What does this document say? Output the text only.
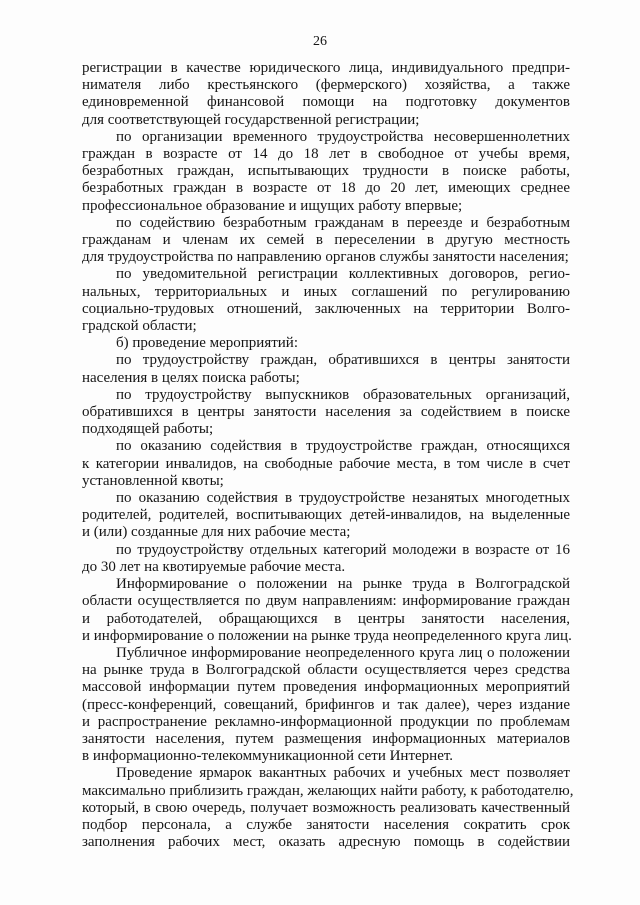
26

регистрации в качестве юридического лица, индивидуального предпри-
нимателя либо крестьянского (фермерского) хозяйства, а также
единовременной финансовой помощи на подготовку документов
для соответствующей государственной регистрации;

по организации временного трудоустройства несовершеннолетних
граждан в возрасте от 14 до 18 лет в свободное от учебы время,
безработных граждан, испытывающих трудности в поиске работы,
безработных граждан в возрасте от 18 до 20 лет, имеющих среднее
профессиональное образование и ищущих работу впервые;

по содействию безработным гражданам в переезде и безработным
гражданам и членам их семей в переселении в другую местность
для трудоустройства по направлению органов службы занятости населения;

по уведомительной регистрации коллективных договоров, регио-
нальных, территориальных и иных соглашений по регулированию
социально-трудовых отношений, заключенных на территории Волго-
градской области;

б) проведение мероприятий:

по трудоустройству граждан, обратившихся в центры занятости
населения в целях поиска работы;

по трудоустройству выпускников образовательных организаций,
обратившихся в центры занятости населения за содействием в поиске
подходящей работы;

по оказанию содействия в трудоустройстве граждан, относящихся
к категории инвалидов, на свободные рабочие места, в том числе в счет
установленной квоты;

по оказанию содействия в трудоустройстве незанятых многодетных
родителей, родителей, воспитывающих детей-инвалидов, на выделенные
и (или) созданные для них рабочие места;

по трудоустройству отдельных категорий молодежи в возрасте от 16
до 30 лет на квотируемые рабочие места.

Информирование о положении на рынке труда в Волгоградской
области осуществляется по двум направлениям: информирование граждан
и работодателей, обращающихся в центры занятости населения,
и информирование о положении на рынке труда неопределенного круга лиц.

Публичное информирование неопределенного круга лиц о положении
на рынке труда в Волгоградской области осуществляется через средства
массовой информации путем проведения информационных мероприятий
(пресс-конференций, совещаний, брифингов и так далее), через издание
и распространение рекламно-информационной продукции по проблемам
занятости населения, путем размещения информационных материалов
в информационно-телекоммуникационной сети Интернет.

Проведение ярмарок вакантных рабочих и учебных мест позволяет
максимально приблизить граждан, желающих найти работу, к работодателю,
который, в свою очередь, получает возможность реализовать качественный
подбор персонала, а службе занятости населения сократить срок
заполнения рабочих мест, оказать адресную помощь в содействии
